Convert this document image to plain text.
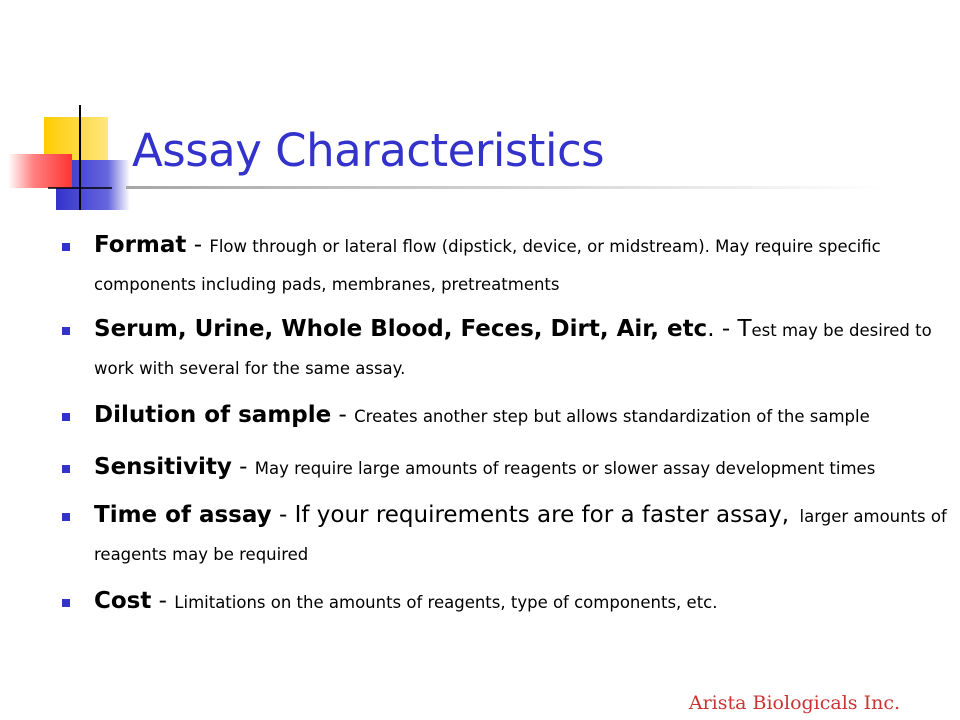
Assay Characteristics
Format - Flow through or lateral flow (dipstick, device, or midstream). May require specific components including pads, membranes, pretreatments
Serum, Urine, Whole Blood, Feces, Dirt, Air, etc. - Test may be desired to work with several for the same assay.
Dilution of sample - Creates another step but allows standardization of the sample
Sensitivity - May require large amounts of reagents or slower assay development times
Time of assay - If your requirements are for a faster assay,  larger amounts of reagents may be required
Cost - Limitations on the amounts of reagents, type of components, etc.
Arista Biologicals Inc.
